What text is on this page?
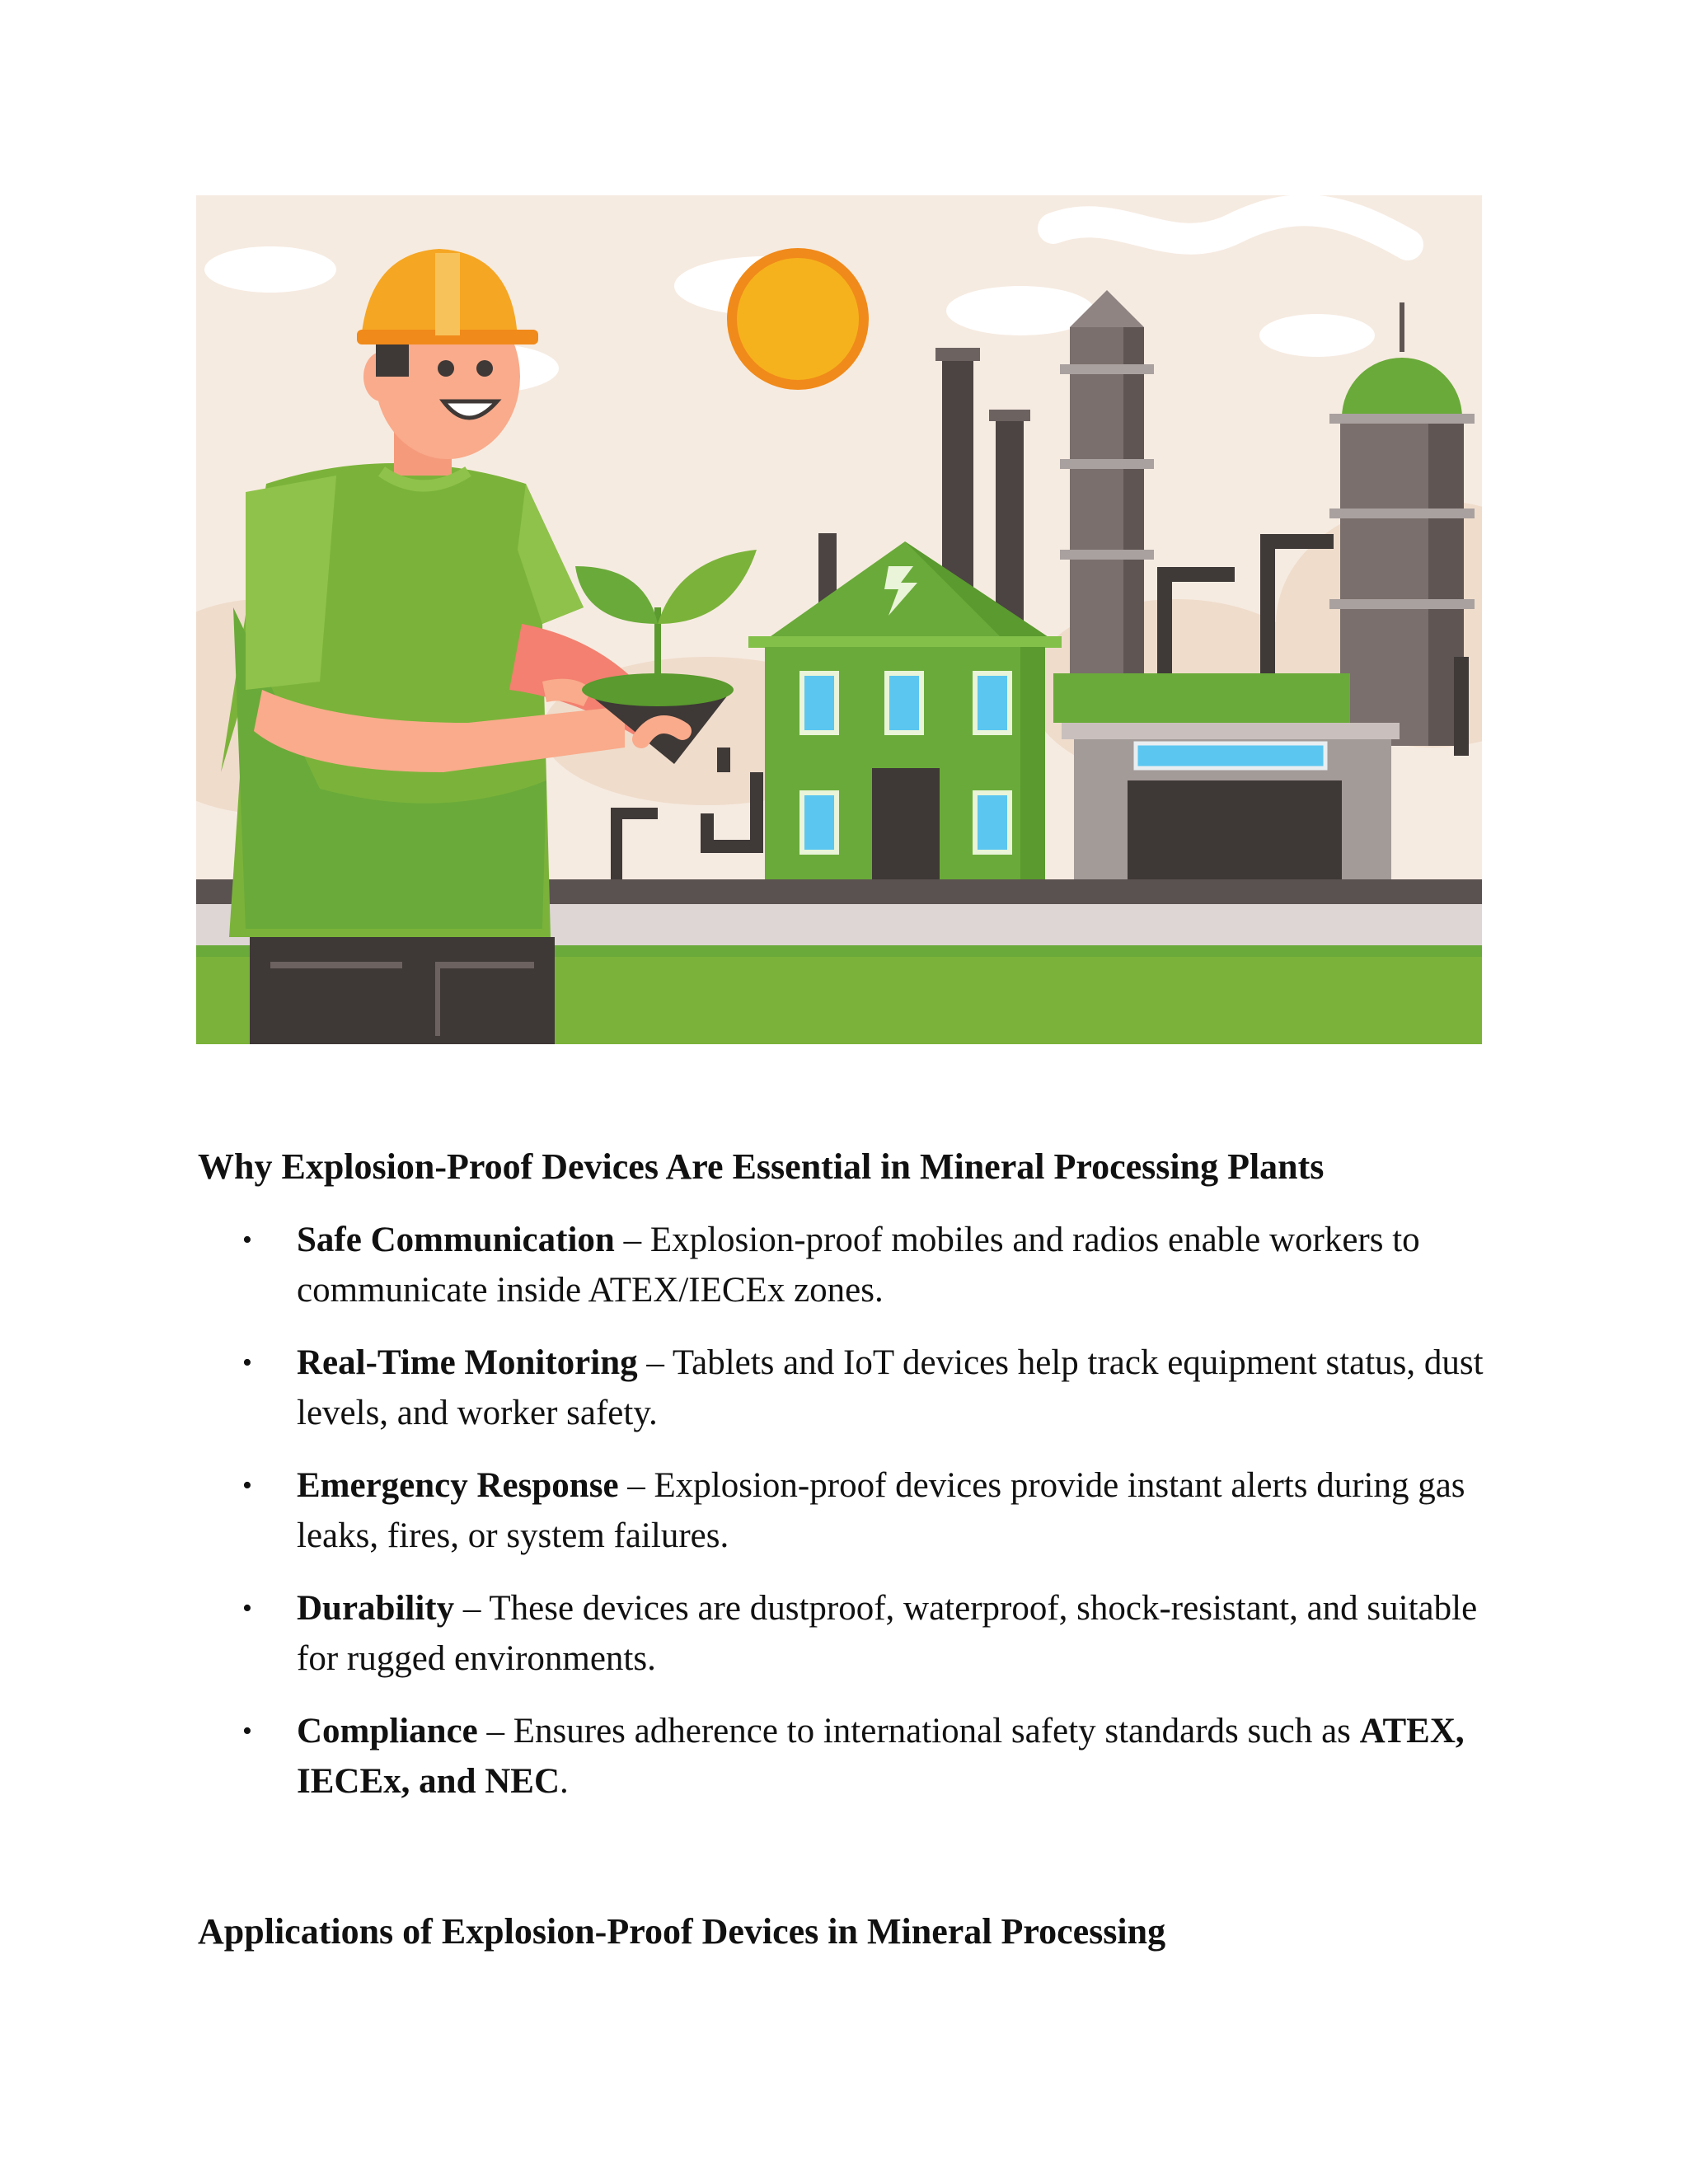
Why Explosion-Proof Devices Are Essential in Mineral Processing Plants
• Safe Communication – Explosion-proof mobiles and radios enable workers to communicate inside ATEX/IECEx zones.
• Real-Time Monitoring – Tablets and IoT devices help track equipment status, dust levels, and worker safety.
• Emergency Response – Explosion-proof devices provide instant alerts during gas leaks, fires, or system failures.
• Durability – These devices are dustproof, waterproof, shock-resistant, and suitable for rugged environments.
• Compliance – Ensures adherence to international safety standards such as ATEX, IECEx, and NEC.
Applications of Explosion-Proof Devices in Mineral Processing
